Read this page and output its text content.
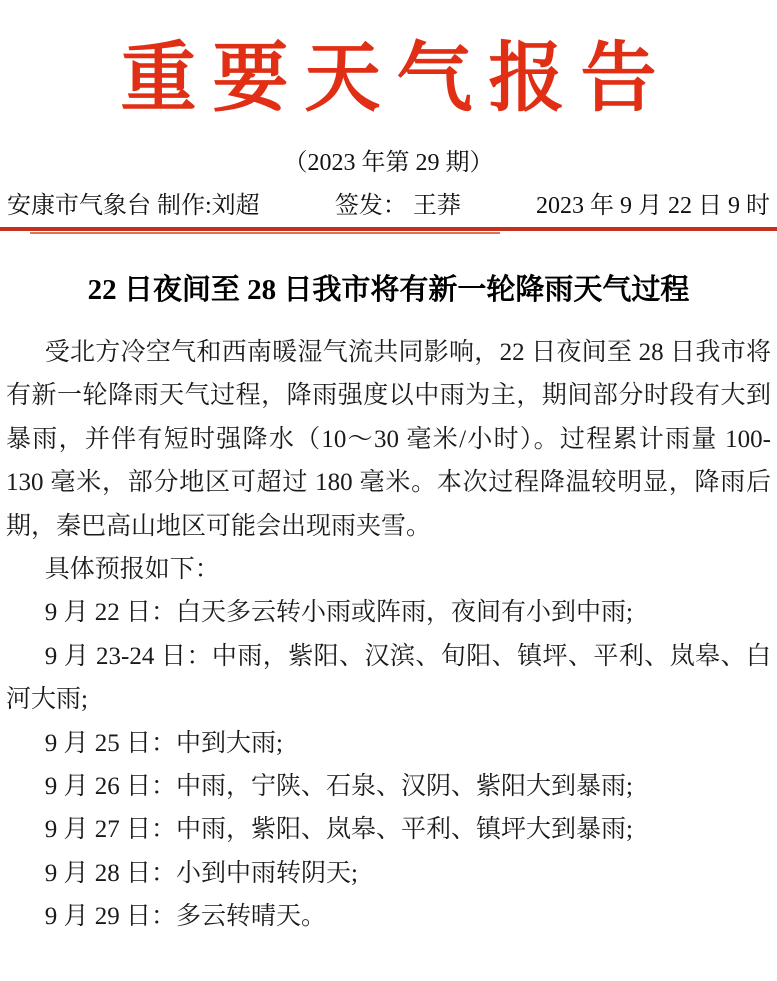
重要天气报告
（2023 年第 29 期）
安康市气象台 制作:刘超	签发： 王莽	2023 年 9 月 22 日 9 时
22 日夜间至 28 日我市将有新一轮降雨天气过程

受北方冷空气和西南暖湿气流共同影响，22 日夜间至 28 日我市将有新一轮降雨天气过程，降雨强度以中雨为主，期间部分时段有大到暴雨，并伴有短时强降水（10～30 毫米/小时）。过程累计雨量 100-130 毫米，部分地区可超过 180 毫米。本次过程降温较明显，降雨后期，秦巴高山地区可能会出现雨夹雪。

具体预报如下：

9 月 22 日：白天多云转小雨或阵雨，夜间有小到中雨;

9 月 23-24 日：中雨，紫阳、汉滨、旬阳、镇坪、平利、岚皋、白河大雨;

9 月 25 日：中到大雨;

9 月 26 日：中雨，宁陕、石泉、汉阴、紫阳大到暴雨;

9 月 27 日：中雨，紫阳、岚皋、平利、镇坪大到暴雨;

9 月 28 日：小到中雨转阴天;

9 月 29 日：多云转晴天。
